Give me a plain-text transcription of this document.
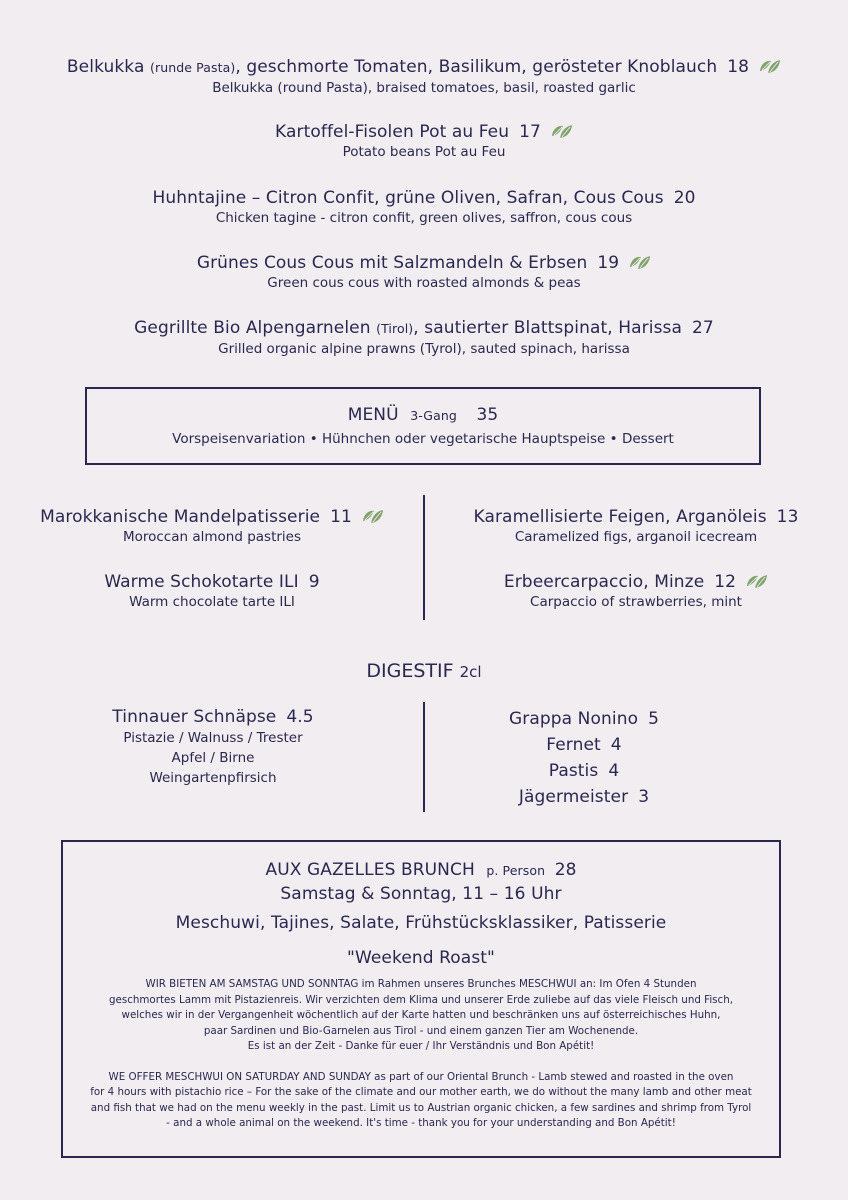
Belkukka (runde Pasta), geschmorte Tomaten, Basilikum, gerösteter Knoblauch 18
Belkukka (round Pasta), braised tomatoes, basil, roasted garlic
Kartoffel-Fisolen Pot au Feu 17
Potato beans Pot au Feu
Huhntajine – Citron Confit, grüne Oliven, Safran, Cous Cous 20
Chicken tagine - citron confit, green olives, saffron, cous cous
Grünes Cous Cous mit Salzmandeln & Erbsen 19
Green cous cous with roasted almonds & peas
Gegrillte Bio Alpengarnelen (Tirol), sautierter Blattspinat, Harissa 27
Grilled organic alpine prawns (Tyrol), sauted spinach, harissa
MENÜ 3-Gang 35
Vorspeisenvariation • Hühnchen oder vegetarische Hauptspeise • Dessert
Marokkanische Mandelpatisserie 11
Moroccan almond pastries
Warme Schokotarte ILI 9
Warm chocolate tarte ILI
Karamellisierte Feigen, Arganöleis 13
Caramelized figs, arganoil icecream
Erbeercarpaccio, Minze 12
Carpaccio of strawberries, mint
DIGESTIF 2cl
Tinnauer Schnäpse 4.5
Pistazie / Walnuss / Trester
Apfel / Birne
Weingartenpfirsich
Grappa Nonino 5
Fernet 4
Pastis 4
Jägermeister 3
AUX GAZELLES BRUNCH p. Person 28
Samstag & Sonntag, 11 – 16 Uhr
Meschuwi, Tajines, Salate, Frühstücksklassiker, Patisserie
"Weekend Roast"
WIR BIETEN AM SAMSTAG UND SONNTAG im Rahmen unseres Brunches MESCHWUI an: Im Ofen 4 Stunden
geschmortes Lamm mit Pistazienreis. Wir verzichten dem Klima und unserer Erde zuliebe auf das viele Fleisch und Fisch,
welches wir in der Vergangenheit wöchentlich auf der Karte hatten und beschränken uns auf österreichisches Huhn,
paar Sardinen und Bio-Garnelen aus Tirol - und einem ganzen Tier am Wochenende.
Es ist an der Zeit - Danke für euer / Ihr Verständnis und Bon Apétit!
WE OFFER MESCHWUI ON SATURDAY AND SUNDAY as part of our Oriental Brunch - Lamb stewed and roasted in the oven
for 4 hours with pistachio rice – For the sake of the climate and our mother earth, we do without the many lamb and other meat
and fish that we had on the menu weekly in the past. Limit us to Austrian organic chicken, a few sardines and shrimp from Tyrol
- and a whole animal on the weekend. It's time - thank you for your understanding and Bon Apétit!
